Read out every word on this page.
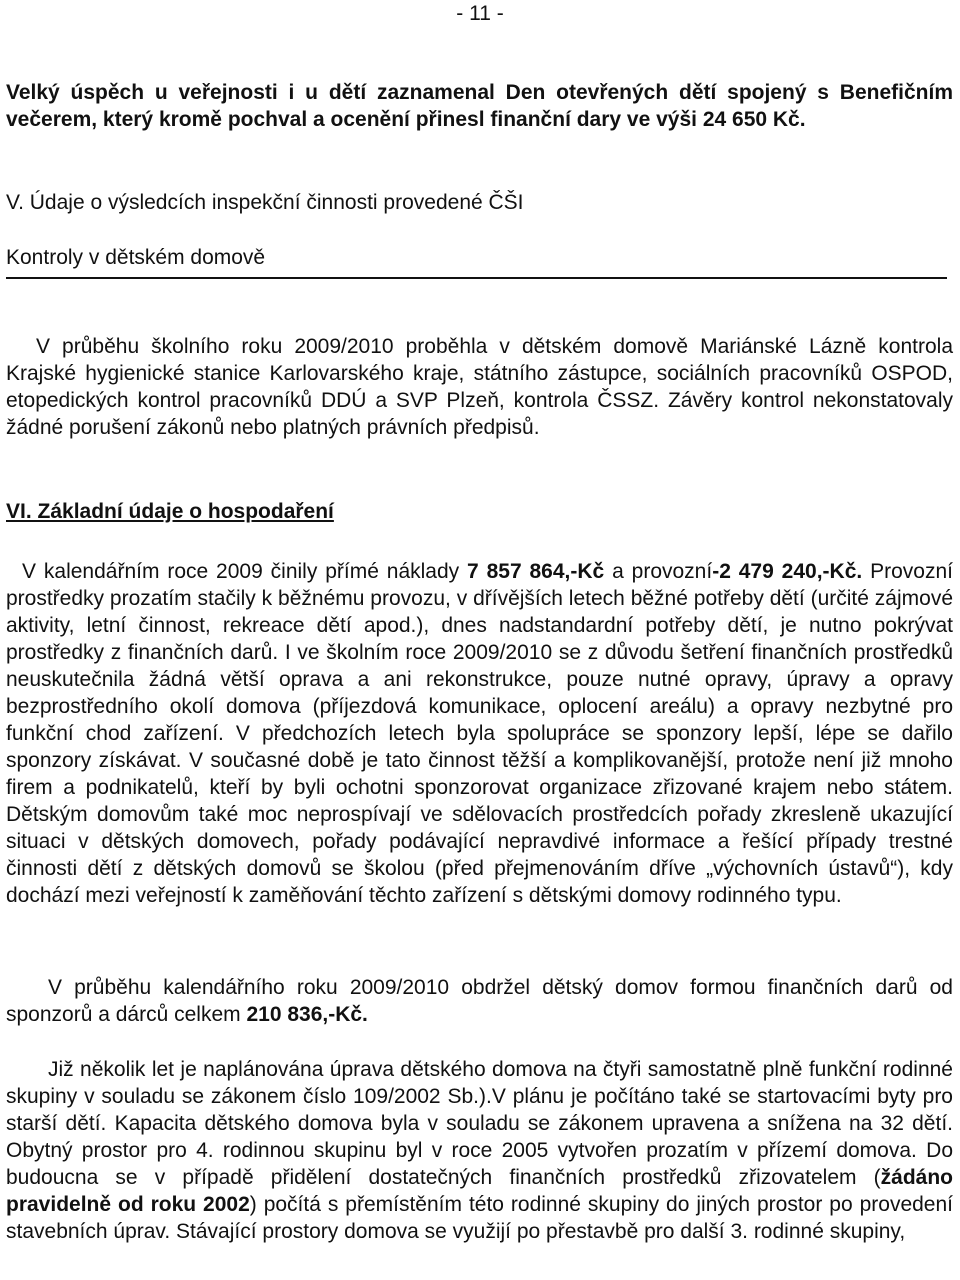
- 11 -

Velký úspěch u veřejnosti i u dětí zaznamenal Den otevřených dětí spojený s Benefičním večerem, který kromě pochval a ocenění přinesl finanční dary ve výši 24 650 Kč.

V. Údaje o výsledcích inspekční činnosti provedené ČŠI
Kontroly v dětském domově

V průběhu školního roku 2009/2010 proběhla v dětském domově Mariánské Lázně kontrola Krajské hygienické stanice Karlovarského kraje, státního zástupce, sociálních pracovníků OSPOD, etopedických kontrol pracovníků DDÚ a SVP Plzeň, kontrola ČSSZ. Závěry kontrol nekonstatovaly žádné porušení zákonů nebo platných právních předpisů.

VI. Základní údaje o hospodaření

V kalendářním roce 2009 činily přímé náklady 7 857 864,-Kč a provozní-2 479 240,-Kč. Provozní prostředky prozatím stačily k běžnému provozu, v dřívějších letech běžné potřeby dětí (určité zájmové aktivity, letní činnost, rekreace dětí apod.), dnes nadstandardní potřeby dětí, je nutno pokrývat prostředky z finančních darů. I ve školním roce 2009/2010 se z důvodu šetření finančních prostředků neuskutečnila žádná větší oprava a ani rekonstrukce, pouze nutné opravy, úpravy a opravy bezprostředního okolí domova (příjezdová komunikace, oplocení areálu) a opravy nezbytné pro funkční chod zařízení. V předchozích letech byla spolupráce se sponzory lepší, lépe se dařilo sponzory získávat. V současné době je tato činnost těžší a komplikovanější, protože není již mnoho firem a podnikatelů, kteří by byli ochotni sponzorovat organizace zřizované krajem nebo státem. Dětským domovům také moc neprospívají ve sdělovacích prostředcích pořady zkresleně ukazující situaci v dětských domovech, pořady podávající nepravdivé informace a řešící případy trestné činnosti dětí z dětských domovů se školou (před přejmenováním dříve „výchovních ústavů“), kdy dochází mezi veřejností k zaměňování těchto zařízení s dětskými domovy rodinného typu.

V průběhu kalendářního roku 2009/2010 obdržel dětský domov formou finančních darů od sponzorů a dárců celkem 210 836,-Kč.

Již několik let je naplánována úprava dětského domova na čtyři samostatně plně funkční rodinné skupiny v souladu se zákonem číslo 109/2002 Sb.).V plánu je počítáno také se startovacími byty pro starší dětí. Kapacita dětského domova byla v souladu se zákonem upravena a snížena na 32 dětí. Obytný prostor pro 4. rodinnou skupinu byl v roce 2005 vytvořen prozatím v přízemí domova. Do budoucna se v případě přidělení dostatečných finančních prostředků zřizovatelem (žádáno pravidelně od roku 2002) počítá s přemístěním této rodinné skupiny do jiných prostor po provedení stavebních úprav. Stávající prostory domova se využijí po přestavbě pro další 3. rodinné skupiny,
